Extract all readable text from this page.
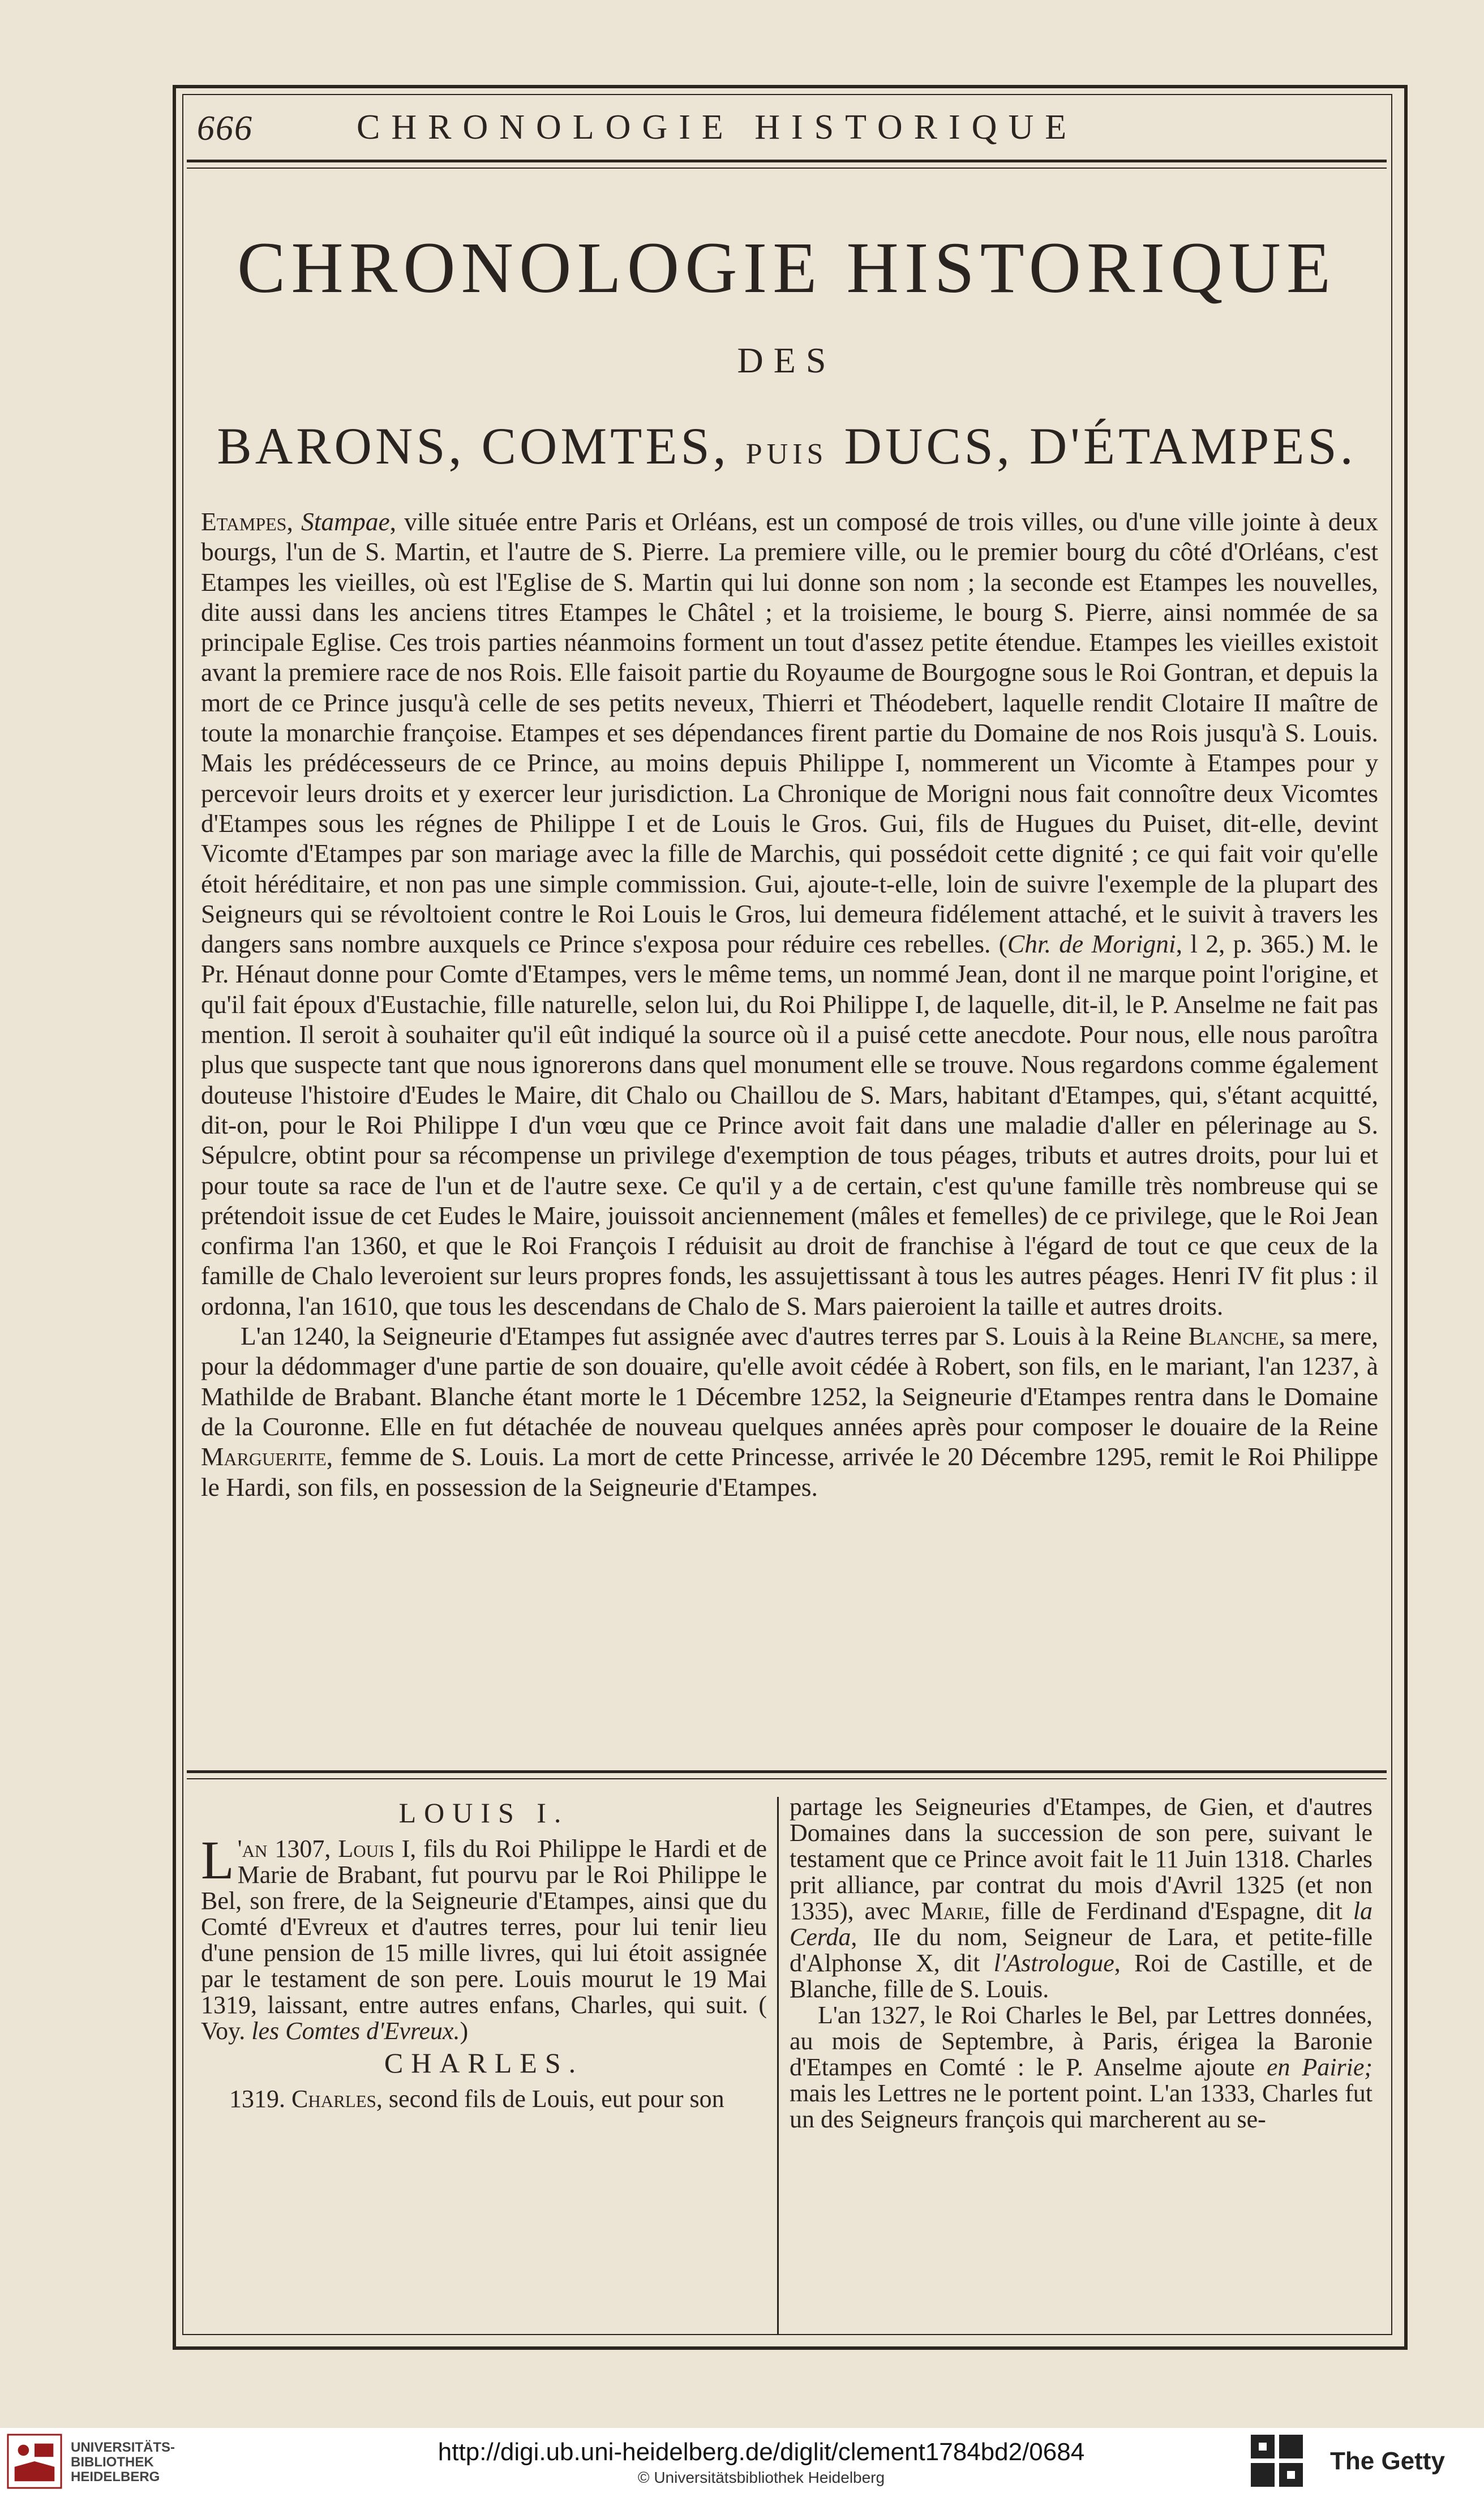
666	CHRONOLOGIE HISTORIQUE
CHRONOLOGIE HISTORIQUE
DES
BARONS, COMTES, PUIS DUCS, D'ÉTAMPES.

Etampes, Stampae, ville située entre Paris et Orléans, est un composé de trois villes, ou d'une ville jointe à deux bourgs, l'un de S. Martin, et l'autre de S. Pierre. La premiere ville, ou le premier bourg du côté d'Orléans, c'est Etampes les vieilles, où est l'Eglise de S. Martin qui lui donne son nom ; la seconde est Etampes les nouvelles, dite aussi dans les anciens titres Etampes le Châtel ; et la troisieme, le bourg S. Pierre, ainsi nommée de sa principale Eglise. Ces trois parties néanmoins forment un tout d'assez petite étendue. Etampes les vieilles existoit avant la premiere race de nos Rois. Elle faisoit partie du Royaume de Bourgogne sous le Roi Gontran, et depuis la mort de ce Prince jusqu'à celle de ses petits neveux, Thierri et Théodebert, laquelle rendit Clotaire II maître de toute la monarchie françoise. Etampes et ses dépendances firent partie du Domaine de nos Rois jusqu'à S. Louis. Mais les prédécesseurs de ce Prince, au moins depuis Philippe I, nommerent un Vicomte à Etampes pour y percevoir leurs droits et y exercer leur jurisdiction. La Chronique de Morigni nous fait connoître deux Vicomtes d'Etampes sous les régnes de Philippe I et de Louis le Gros. Gui, fils de Hugues du Puiset, dit-elle, devint Vicomte d'Etampes par son mariage avec la fille de Marchis, qui possédoit cette dignité ; ce qui fait voir qu'elle étoit héréditaire, et non pas une simple commission. Gui, ajoute-t-elle, loin de suivre l'exemple de la plupart des Seigneurs qui se révoltoient contre le Roi Louis le Gros, lui demeura fidélement attaché, et le suivit à travers les dangers sans nombre auxquels ce Prince s'exposa pour réduire ces rebelles. (Chr. de Morigni, l 2, p. 365.) M. le Pr. Hénaut donne pour Comte d'Etampes, vers le même tems, un nommé Jean, dont il ne marque point l'origine, et qu'il fait époux d'Eustachie, fille naturelle, selon lui, du Roi Philippe I, de laquelle, dit-il, le P. Anselme ne fait pas mention. Il seroit à souhaiter qu'il eût indiqué la source où il a puisé cette anecdote. Pour nous, elle nous paroîtra plus que suspecte tant que nous ignorerons dans quel monument elle se trouve. Nous regardons comme également douteuse l'histoire d'Eudes le Maire, dit Chalo ou Chaillou de S. Mars, habitant d'Etampes, qui, s'étant acquitté, dit-on, pour le Roi Philippe I d'un vœu que ce Prince avoit fait dans une maladie d'aller en pélerinage au S. Sépulcre, obtint pour sa récompense un privilege d'exemption de tous péages, tributs et autres droits, pour lui et pour toute sa race de l'un et de l'autre sexe. Ce qu'il y a de certain, c'est qu'une famille très nombreuse qui se prétendoit issue de cet Eudes le Maire, jouissoit anciennement (mâles et femelles) de ce privilege, que le Roi Jean confirma l'an 1360, et que le Roi François I réduisit au droit de franchise à l'égard de tout ce que ceux de la famille de Chalo leveroient sur leurs propres fonds, les assujettissant à tous les autres péages. Henri IV fit plus : il ordonna, l'an 1610, que tous les descendans de Chalo de S. Mars paieroient la taille et autres droits.

L'an 1240, la Seigneurie d'Etampes fut assignée avec d'autres terres par S. Louis à la Reine Blanche, sa mere, pour la dédommager d'une partie de son douaire, qu'elle avoit cédée à Robert, son fils, en le mariant, l'an 1237, à Mathilde de Brabant. Blanche étant morte le 1 Décembre 1252, la Seigneurie d'Etampes rentra dans le Domaine de la Couronne. Elle en fut détachée de nouveau quelques années après pour composer le douaire de la Reine Marguerite, femme de S. Louis. La mort de cette Princesse, arrivée le 20 Décembre 1295, remit le Roi Philippe le Hardi, son fils, en possession de la Seigneurie d'Etampes.

LOUIS I.

L 'an 1307, Louis I, fils du Roi Philippe le Hardi et de Marie de Brabant, fut pourvu par le Roi Philippe le Bel, son frere, de la Seigneurie d'Etampes, ainsi que du Comté d'Evreux et d'autres terres, pour lui tenir lieu d'une pension de 15 mille livres, qui lui étoit assignée par le testament de son pere. Louis mourut le 19 Mai 1319, laissant, entre autres enfans, Charles, qui suit. ( Voy. les Comtes d'Evreux.)

CHARLES.

1319. Charles, second fils de Louis, eut pour son

partage les Seigneuries d'Etampes, de Gien, et d'autres Domaines dans la succession de son pere, suivant le testament que ce Prince avoit fait le 11 Juin 1318. Charles prit alliance, par contrat du mois d'Avril 1325 (et non 1335), avec Marie, fille de Ferdinand d'Espagne, dit la Cerda, IIe du nom, Seigneur de Lara, et petite-fille d'Alphonse X, dit l'Astrologue, Roi de Castille, et de Blanche, fille de S. Louis.

L'an 1327, le Roi Charles le Bel, par Lettres données, au mois de Septembre, à Paris, érigea la Baronie d'Etampes en Comté : le P. Anselme ajoute en Pairie; mais les Lettres ne le portent point. L'an 1333, Charles fut un des Seigneurs françois qui marcherent au se-

UNIVERSITÄTS-
BIBLIOTHEK
HEIDELBERG
http://digi.ub.uni-heidelberg.de/diglit/clement1784bd2/0684
© Universitätsbibliothek Heidelberg
The Getty
